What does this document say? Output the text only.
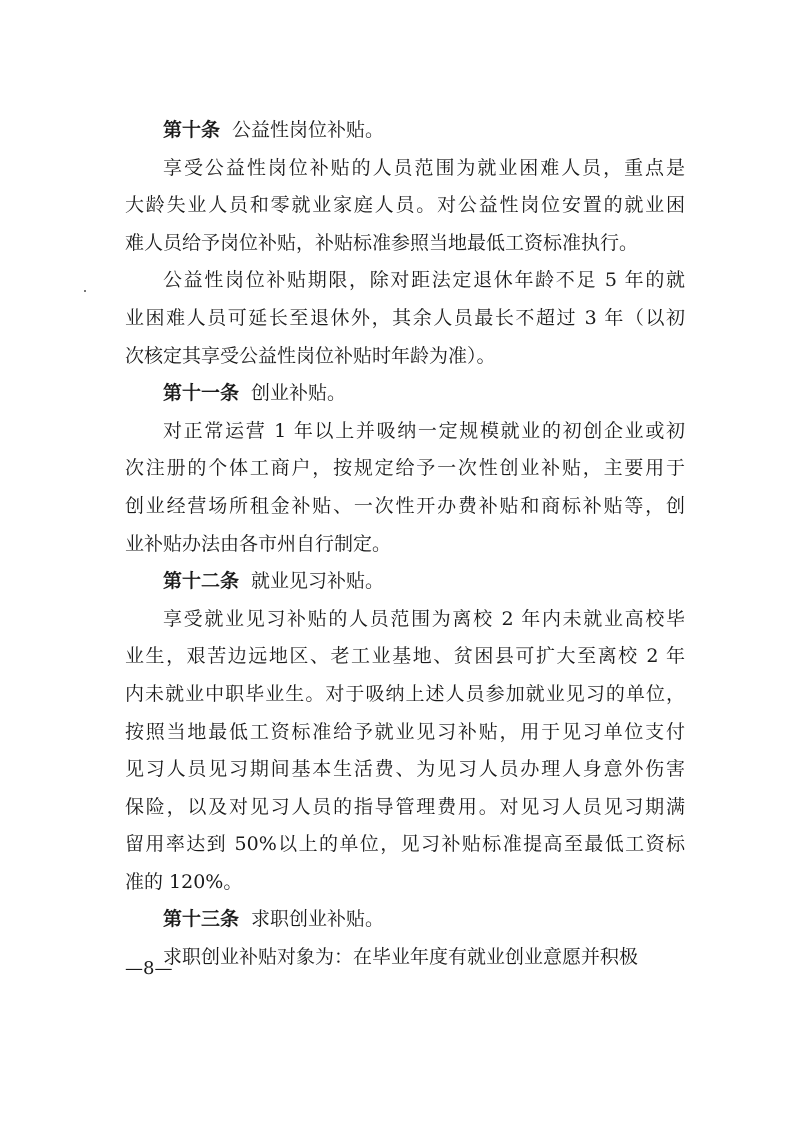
第十条 公益性岗位补贴。
享受公益性岗位补贴的人员范围为就业困难人员，重点是
大龄失业人员和零就业家庭人员。对公益性岗位安置的就业困
难人员给予岗位补贴，补贴标准参照当地最低工资标准执行。
公益性岗位补贴期限，除对距法定退休年龄不足 5 年的就
业困难人员可延长至退休外，其余人员最长不超过 3 年（以初
次核定其享受公益性岗位补贴时年龄为准）。
第十一条 创业补贴。
对正常运营 1 年以上并吸纳一定规模就业的初创企业或初
次注册的个体工商户，按规定给予一次性创业补贴，主要用于
创业经营场所租金补贴、一次性开办费补贴和商标补贴等，创
业补贴办法由各市州自行制定。
第十二条 就业见习补贴。
享受就业见习补贴的人员范围为离校 2 年内未就业高校毕
业生，艰苦边远地区、老工业基地、贫困县可扩大至离校 2 年
内未就业中职毕业生。对于吸纳上述人员参加就业见习的单位，
按照当地最低工资标准给予就业见习补贴，用于见习单位支付
见习人员见习期间基本生活费、为见习人员办理人身意外伤害
保险，以及对见习人员的指导管理费用。对见习人员见习期满
留用率达到 50%以上的单位，见习补贴标准提高至最低工资标
准的 120%。
第十三条 求职创业补贴。
求职创业补贴对象为：在毕业年度有就业创业意愿并积极
—8—
